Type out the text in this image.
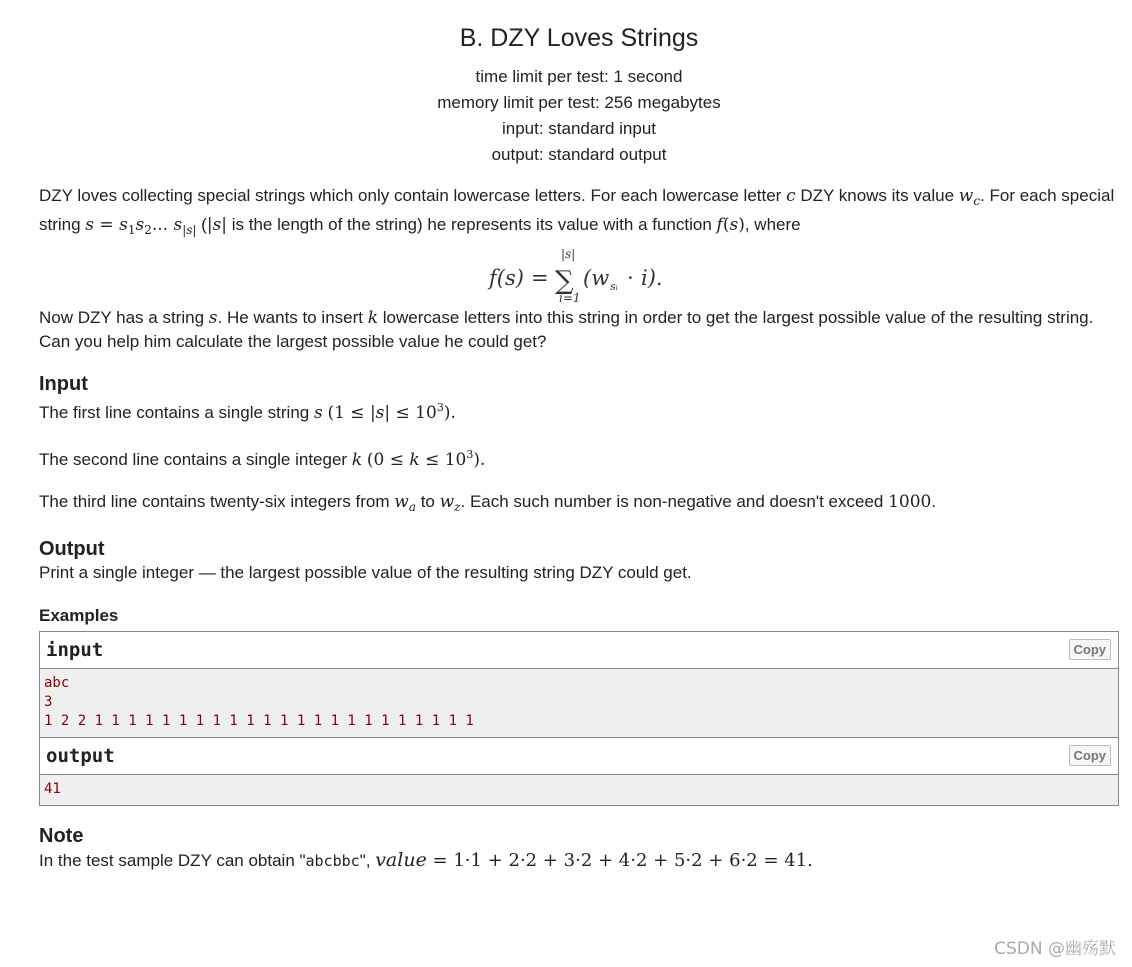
B. DZY Loves Strings
time limit per test: 1 second
memory limit per test: 256 megabytes
input: standard input
output: standard output
DZY loves collecting special strings which only contain lowercase letters. For each lowercase letter c DZY knows its value $w_c$. For each special string $s = s_1s_2$... $s_{|s|}$ (|s| is the length of the string) he represents its value with a function f(s), where
f(s) =
|s|
∑
i=1
(w sᵢ · i).
Now DZY has a string s. He wants to insert k lowercase letters into this string in order to get the largest possible value of the resulting string. Can you help him calculate the largest possible value he could get?
Input
The first line contains a single string s $(1 \le |s| \le 10^3)$.
The second line contains a single integer k $(0 \le k \le 10^3)$.
The third line contains twenty-six integers from $w_a$ to $w_z$. Each such number is non-negative and doesn't exceed 1000.
Output
Print a single integer — the largest possible value of the resulting string DZY could get.
Examples
input	Copy
abc
3
1 2 2 1 1 1 1 1 1 1 1 1 1 1 1 1 1 1 1 1 1 1 1 1 1 1
output	Copy
41
Note
In the test sample DZY can obtain "abcbbc", value = 1·1 + 2·2 + 3·2 + 4·2 + 5·2 + 6·2 = 41.
CSDN @幽殇默
